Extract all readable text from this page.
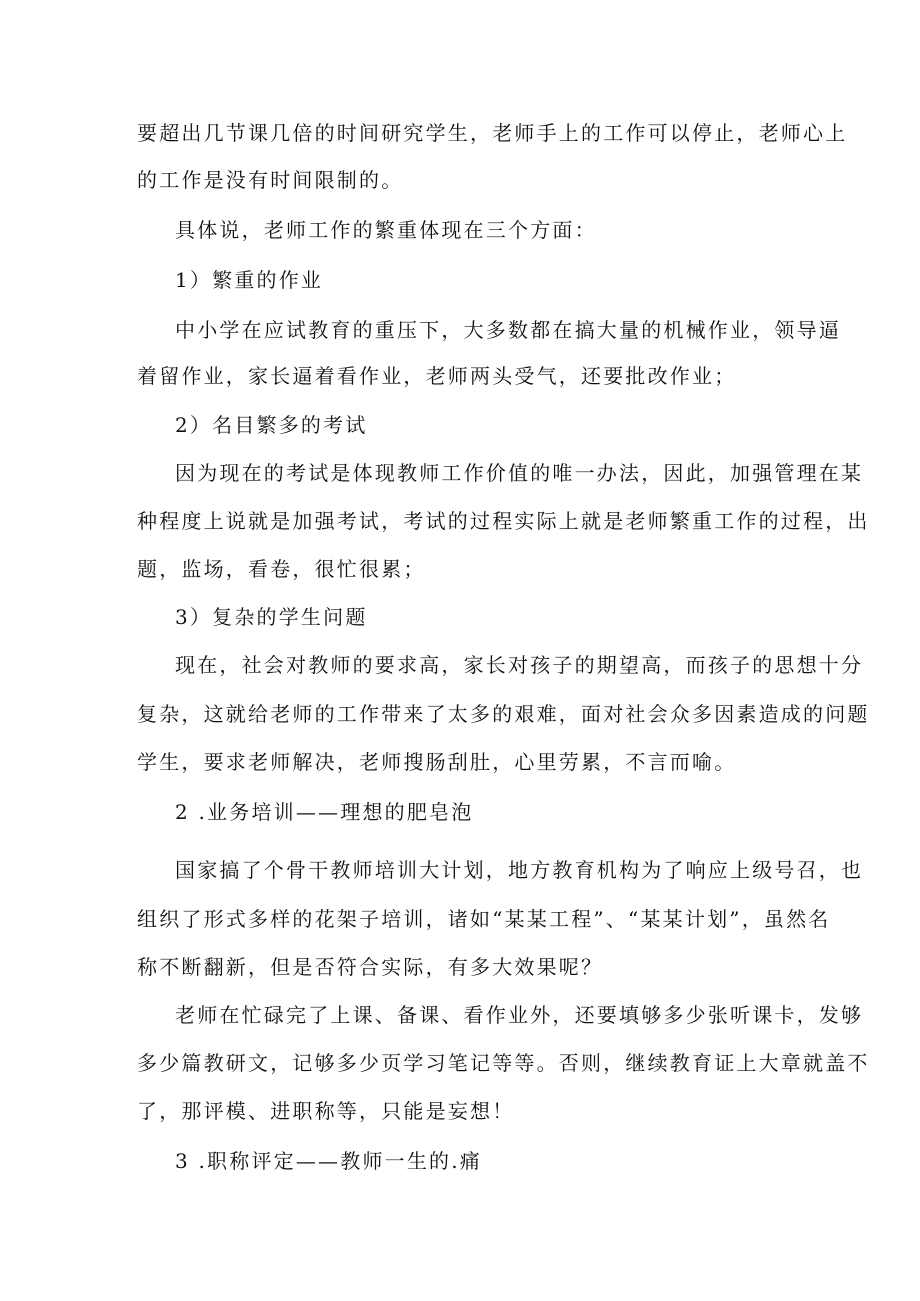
要超出几节课几倍的时间研究学生，老师手上的工作可以停止，老师心上
的工作是没有时间限制的。
具体说，老师工作的繁重体现在三个方面：
1）繁重的作业
中小学在应试教育的重压下，大多数都在搞大量的机械作业，领导逼
着留作业，家长逼着看作业，老师两头受气，还要批改作业；
2）名目繁多的考试
因为现在的考试是体现教师工作价值的唯一办法，因此，加强管理在某
种程度上说就是加强考试，考试的过程实际上就是老师繁重工作的过程，出
题，监场，看卷，很忙很累；
3）复杂的学生问题
现在，社会对教师的要求高，家长对孩子的期望高，而孩子的思想十分
复杂，这就给老师的工作带来了太多的艰难，面对社会众多因素造成的问题
学生，要求老师解决，老师搜肠刮肚，心里劳累，不言而喻。
2 .业务培训——理想的肥皂泡
国家搞了个骨干教师培训大计划，地方教育机构为了响应上级号召，也
组织了形式多样的花架子培训，诸如“某某工程”、“某某计划”，虽然名
称不断翻新，但是否符合实际，有多大效果呢？
老师在忙碌完了上课、备课、看作业外，还要填够多少张听课卡，发够
多少篇教研文，记够多少页学习笔记等等。否则，继续教育证上大章就盖不
了，那评模、进职称等，只能是妄想！
3 .职称评定——教师一生的.痛
